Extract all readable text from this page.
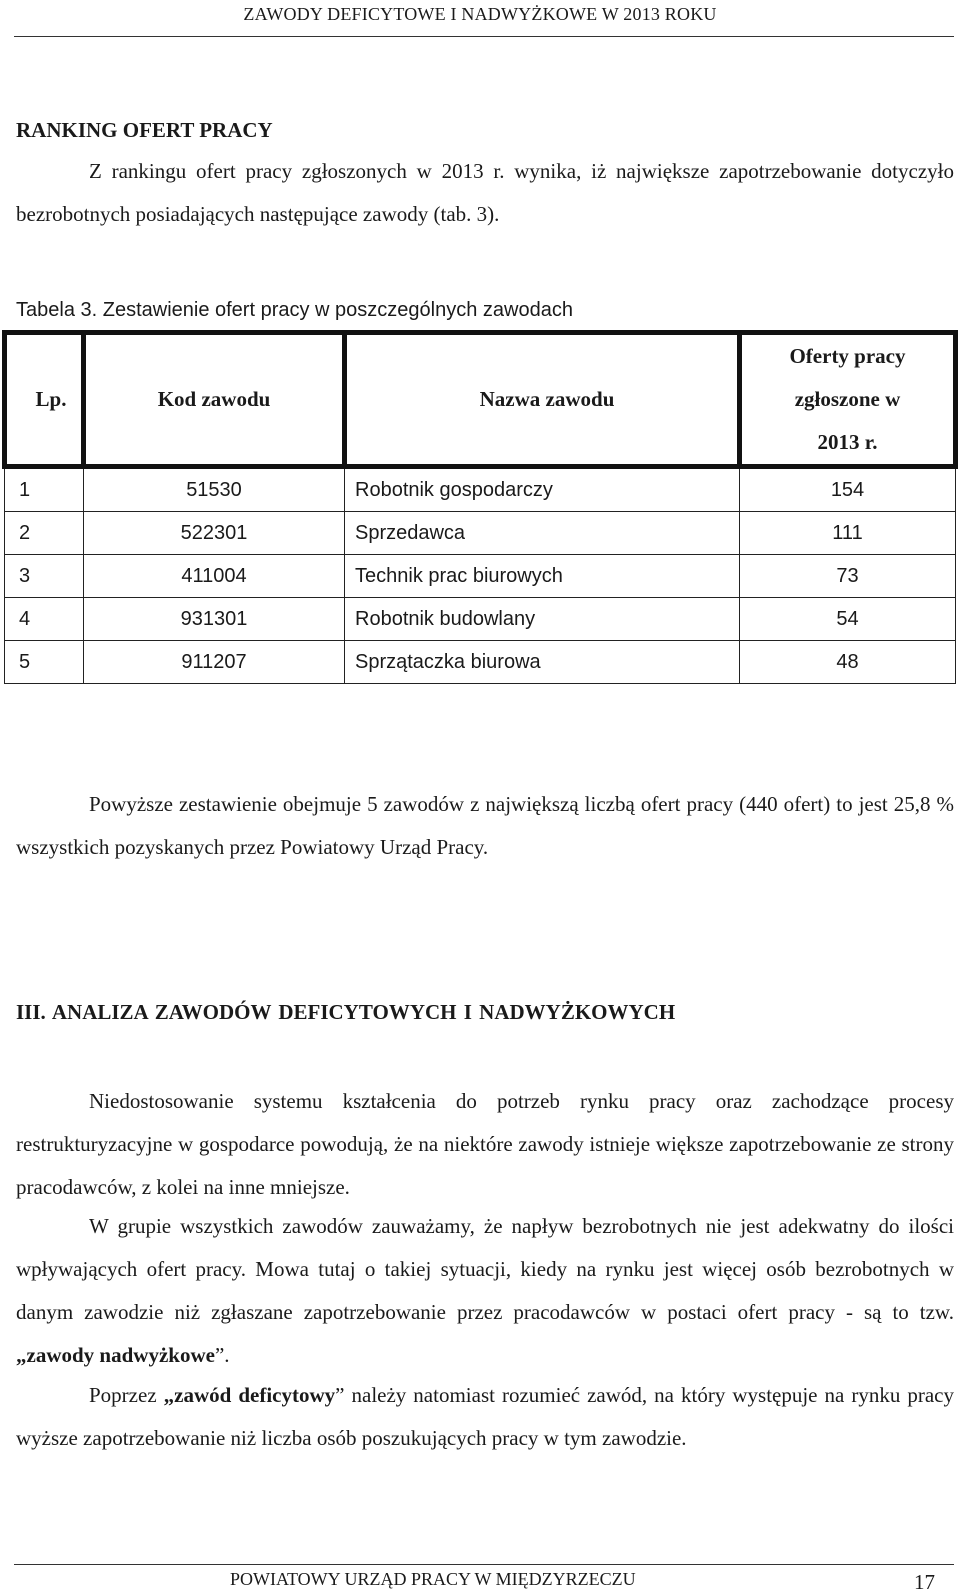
ZAWODY DEFICYTOWE I NADWYŻKOWE W 2013 ROKU
RANKING OFERT PRACY

Z rankingu ofert pracy zgłoszonych w 2013 r. wynika, iż największe zapotrzebowanie dotyczyło bezrobotnych posiadających następujące zawody (tab. 3).

Tabela 3. Zestawienie ofert pracy w poszczególnych zawodach
Lp.	Kod zawodu	Nazwa zawodu	Oferty pracy
zgłoszone w
2013 r.

1	51530	Robotnik gospodarczy	154
2	522301	Sprzedawca	111
3	411004	Technik prac biurowych	73
4	931301	Robotnik budowlany	54
5	911207	Sprzątaczka biurowa	48

Powyższe zestawienie obejmuje 5 zawodów z największą liczbą ofert pracy (440 ofert) to jest 25,8 % wszystkich pozyskanych przez Powiatowy Urząd Pracy.

III. ANALIZA ZAWODÓW DEFICYTOWYCH I NADWYŻKOWYCH

Niedostosowanie systemu kształcenia do potrzeb rynku pracy oraz zachodzące procesy restrukturyzacyjne w gospodarce powodują, że na niektóre zawody istnieje większe zapotrzebowanie ze strony pracodawców, z kolei na inne mniejsze.

W grupie wszystkich zawodów zauważamy, że napływ bezrobotnych nie jest adekwatny do ilości wpływających ofert pracy. Mowa tutaj o takiej sytuacji, kiedy na rynku jest więcej osób bezrobotnych w danym zawodzie niż zgłaszane zapotrzebowanie przez pracodawców w postaci ofert pracy - są to tzw. „zawody nadwyżkowe”.

Poprzez „zawód deficytowy” należy natomiast rozumieć zawód, na który występuje na rynku pracy wyższe zapotrzebowanie niż liczba osób poszukujących pracy w tym zawodzie.

POWIATOWY URZĄD PRACY W MIĘDZYRZECZU	17
